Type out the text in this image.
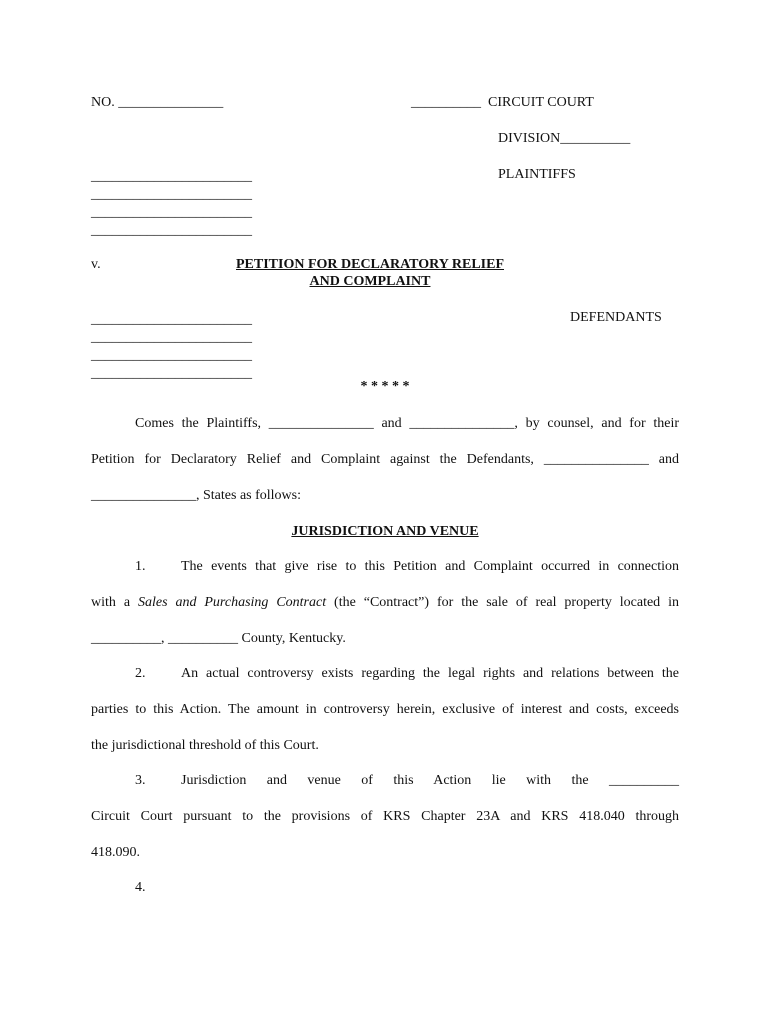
NO. _______________	__________  CIRCUIT COURT
DIVISION__________
PLAINTIFFS
_______________________
_______________________
_______________________
_______________________
v.	PETITION FOR DECLARATORY RELIEF
AND COMPLAINT
DEFENDANTS
_______________________
_______________________
_______________________
_______________________
* * * * *
Comes the Plaintiffs, _______________ and _______________, by counsel, and for their
Petition for Declaratory Relief and Complaint against the Defendants, _______________ and
_______________, States as follows:
JURISDICTION AND VENUE
1.	The events that give rise to this Petition and Complaint occurred in connection
with a Sales and Purchasing Contract (the “Contract”) for the sale of real property located in
__________, __________ County, Kentucky.
2.	An actual controversy exists regarding the legal rights and relations between the
parties to this Action. The amount in controversy herein, exclusive of interest and costs, exceeds
the jurisdictional threshold of this Court.
3.	Jurisdiction and venue of this Action lie with the __________
Circuit Court pursuant to the provisions of KRS Chapter 23A and KRS 418.040 through
418.090.
4.
